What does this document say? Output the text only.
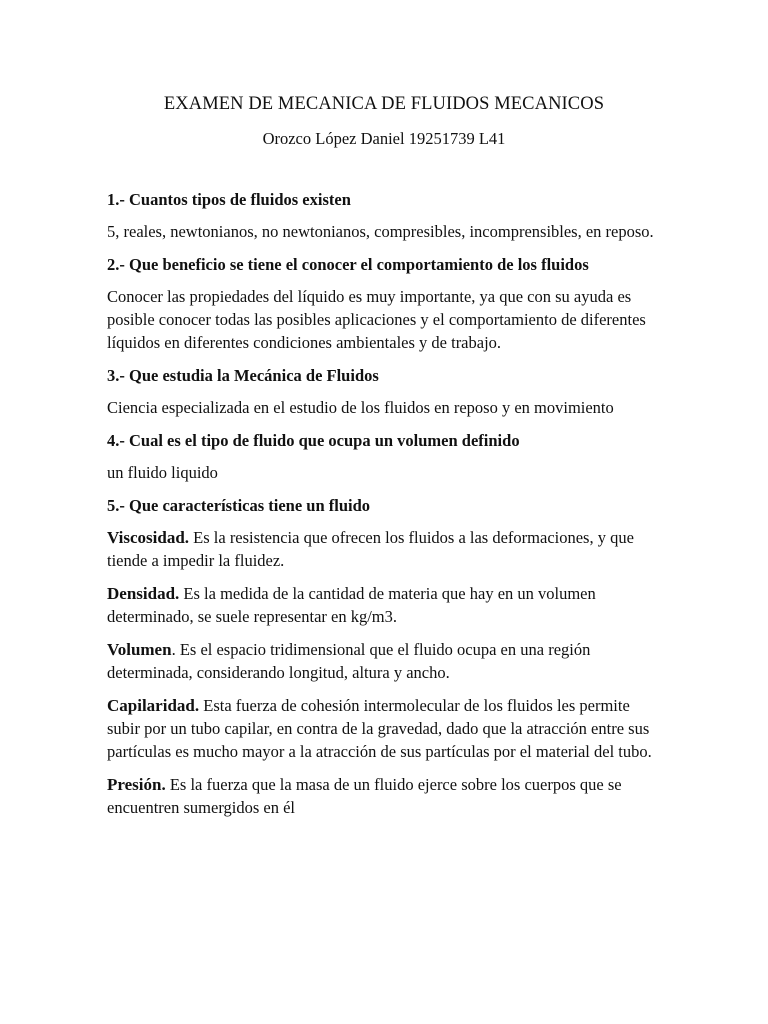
EXAMEN DE MECANICA DE FLUIDOS MECANICOS
Orozco López Daniel 19251739 L41
1.- Cuantos tipos de fluidos existen
5, reales, newtonianos, no newtonianos, compresibles, incomprensibles, en reposo.
2.- Que beneficio se tiene el conocer el comportamiento de los fluidos
Conocer las propiedades del líquido es muy importante, ya que con su ayuda es posible conocer todas las posibles aplicaciones y el comportamiento de diferentes líquidos en diferentes condiciones ambientales y de trabajo.
3.- Que estudia la Mecánica de Fluidos
Ciencia especializada en el estudio de los fluidos en reposo y en movimiento
4.- Cual es el tipo de fluido que ocupa un volumen definido
un fluido liquido
5.- Que características tiene un fluido
Viscosidad. Es la resistencia que ofrecen los fluidos a las deformaciones, y que tiende a impedir la fluidez.
Densidad. Es la medida de la cantidad de materia que hay en un volumen determinado, se suele representar en kg/m3.
Volumen. Es el espacio tridimensional que el fluido ocupa en una región determinada, considerando longitud, altura y ancho.
Capilaridad. Esta fuerza de cohesión intermolecular de los fluidos les permite subir por un tubo capilar, en contra de la gravedad, dado que la atracción entre sus partículas es mucho mayor a la atracción de sus partículas por el material del tubo.
Presión. Es la fuerza que la masa de un fluido ejerce sobre los cuerpos que se encuentren sumergidos en él
